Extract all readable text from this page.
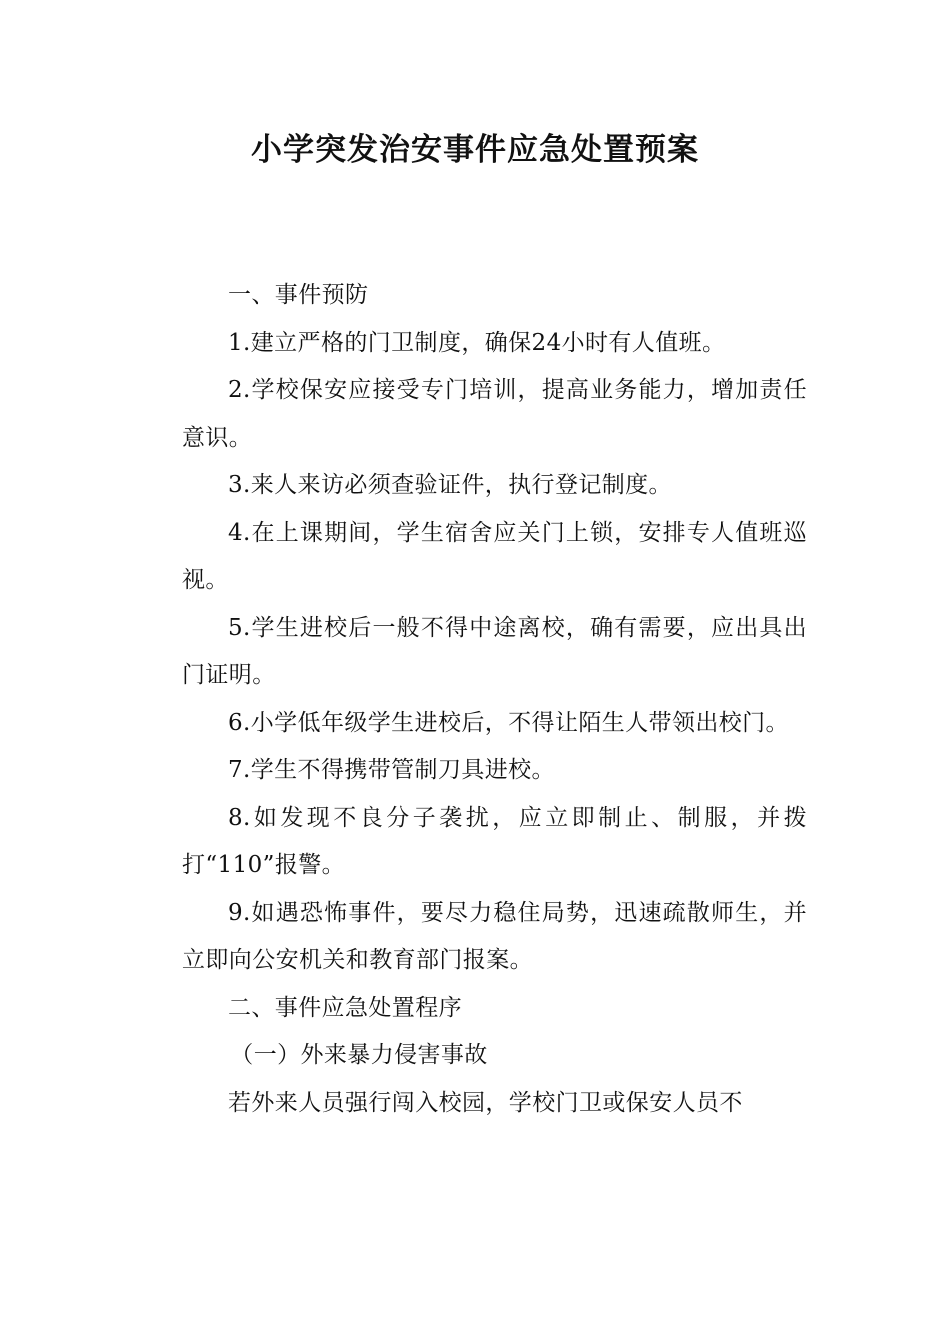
小学突发治安事件应急处置预案

一、事件预防

1.建立严格的门卫制度，确保24小时有人值班。

2.学校保安应接受专门培训，提高业务能力，增加责任意识。

3.来人来访必须查验证件，执行登记制度。

4.在上课期间，学生宿舍应关门上锁，安排专人值班巡视。

5.学生进校后一般不得中途离校，确有需要，应出具出门证明。

6.小学低年级学生进校后，不得让陌生人带领出校门。

7.学生不得携带管制刀具进校。

8.如发现不良分子袭扰，应立即制止、制服，并拨打“110”报警。

9.如遇恐怖事件，要尽力稳住局势，迅速疏散师生，并立即向公安机关和教育部门报案。

二、事件应急处置程序

（一）外来暴力侵害事故

若外来人员强行闯入校园，学校门卫或保安人员不
